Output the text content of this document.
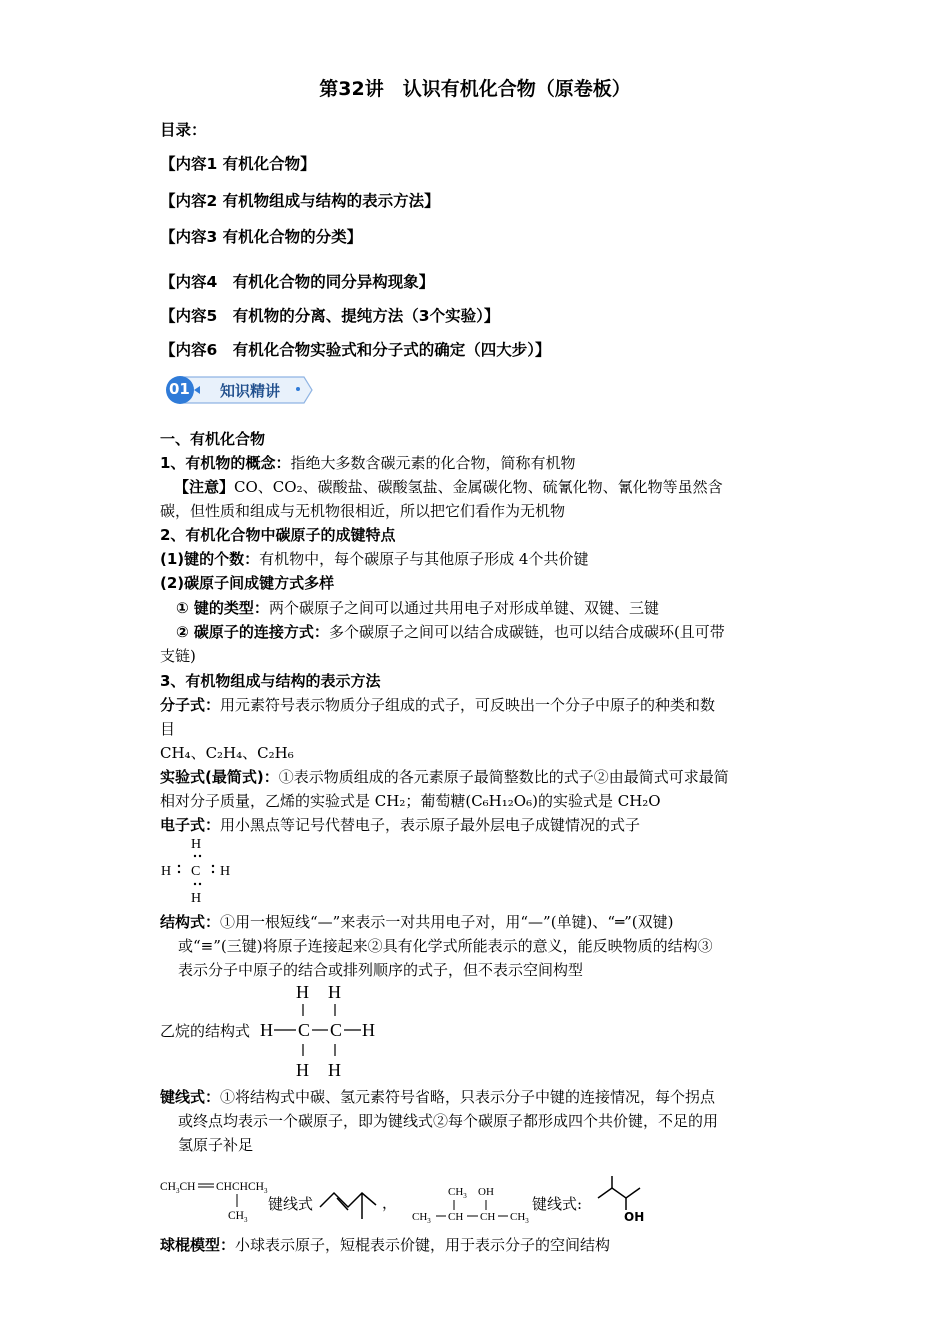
第32讲　认识有机化合物（原卷板）
目录：
【内容1 有机化合物】
【内容2 有机物组成与结构的表示方法】
【内容3 有机化合物的分类】
【内容4　有机化合物的同分异构现象】
【内容5　有机物的分离、提纯方法（3个实验）】
【内容6　有机化合物实验式和分子式的确定（四大步）】
01 知识精讲
一、有机化合物
1、有机物的概念：指绝大多数含碳元素的化合物，简称有机物
【注意】CO、CO₂、碳酸盐、碳酸氢盐、金属碳化物、硫氰化物、氰化物等虽然含
碳，但性质和组成与无机物很相近，所以把它们看作为无机物
2、有机化合物中碳原子的成键特点
(1)键的个数：有机物中，每个碳原子与其他原子形成 4个共价键
(2)碳原子间成键方式多样
① 键的类型：两个碳原子之间可以通过共用电子对形成单键、双键、三键
② 碳原子的连接方式：多个碳原子之间可以结合成碳链，也可以结合成碳环(且可带
支链)
3、有机物组成与结构的表示方法
分子式：用元素符号表示物质分子组成的式子，可反映出一个分子中原子的种类和数
目
CH₄、C₂H₄、C₂H₆
实验式(最简式)：①表示物质组成的各元素原子最简整数比的式子②由最简式可求最简
相对分子质量，乙烯的实验式是 CH₂；葡萄糖(C₆H₁₂O₆)的实验式是 CH₂O
电子式：用小黑点等记号代替电子，表示原子最外层电子成键情况的式子
H
H C H
H
结构式：①用一根短线“—”来表示一对共用电子对，用“—”(单键)、“═”(双键)
或“≡”(三键)将原子连接起来②具有化学式所能表示的意义，能反映物质的结构③
表示分子中原子的结合或排列顺序的式子，但不表示空间构型
乙烷的结构式
H H
H C C H
H H
键线式：①将结构式中碳、氢元素符号省略，只表示分子中键的连接情况，每个拐点
或终点均表示一个碳原子，即为键线式②每个碳原子都形成四个共价键，不足的用
氢原子补足
$CH_3CH$ $CHCHCH_3$
$CH_3$
键线式	，
$CH_3$ OH
$CH_3$ CH CH $CH_3$
键线式:
OH
球棍模型：小球表示原子，短棍表示价键，用于表示分子的空间结构
